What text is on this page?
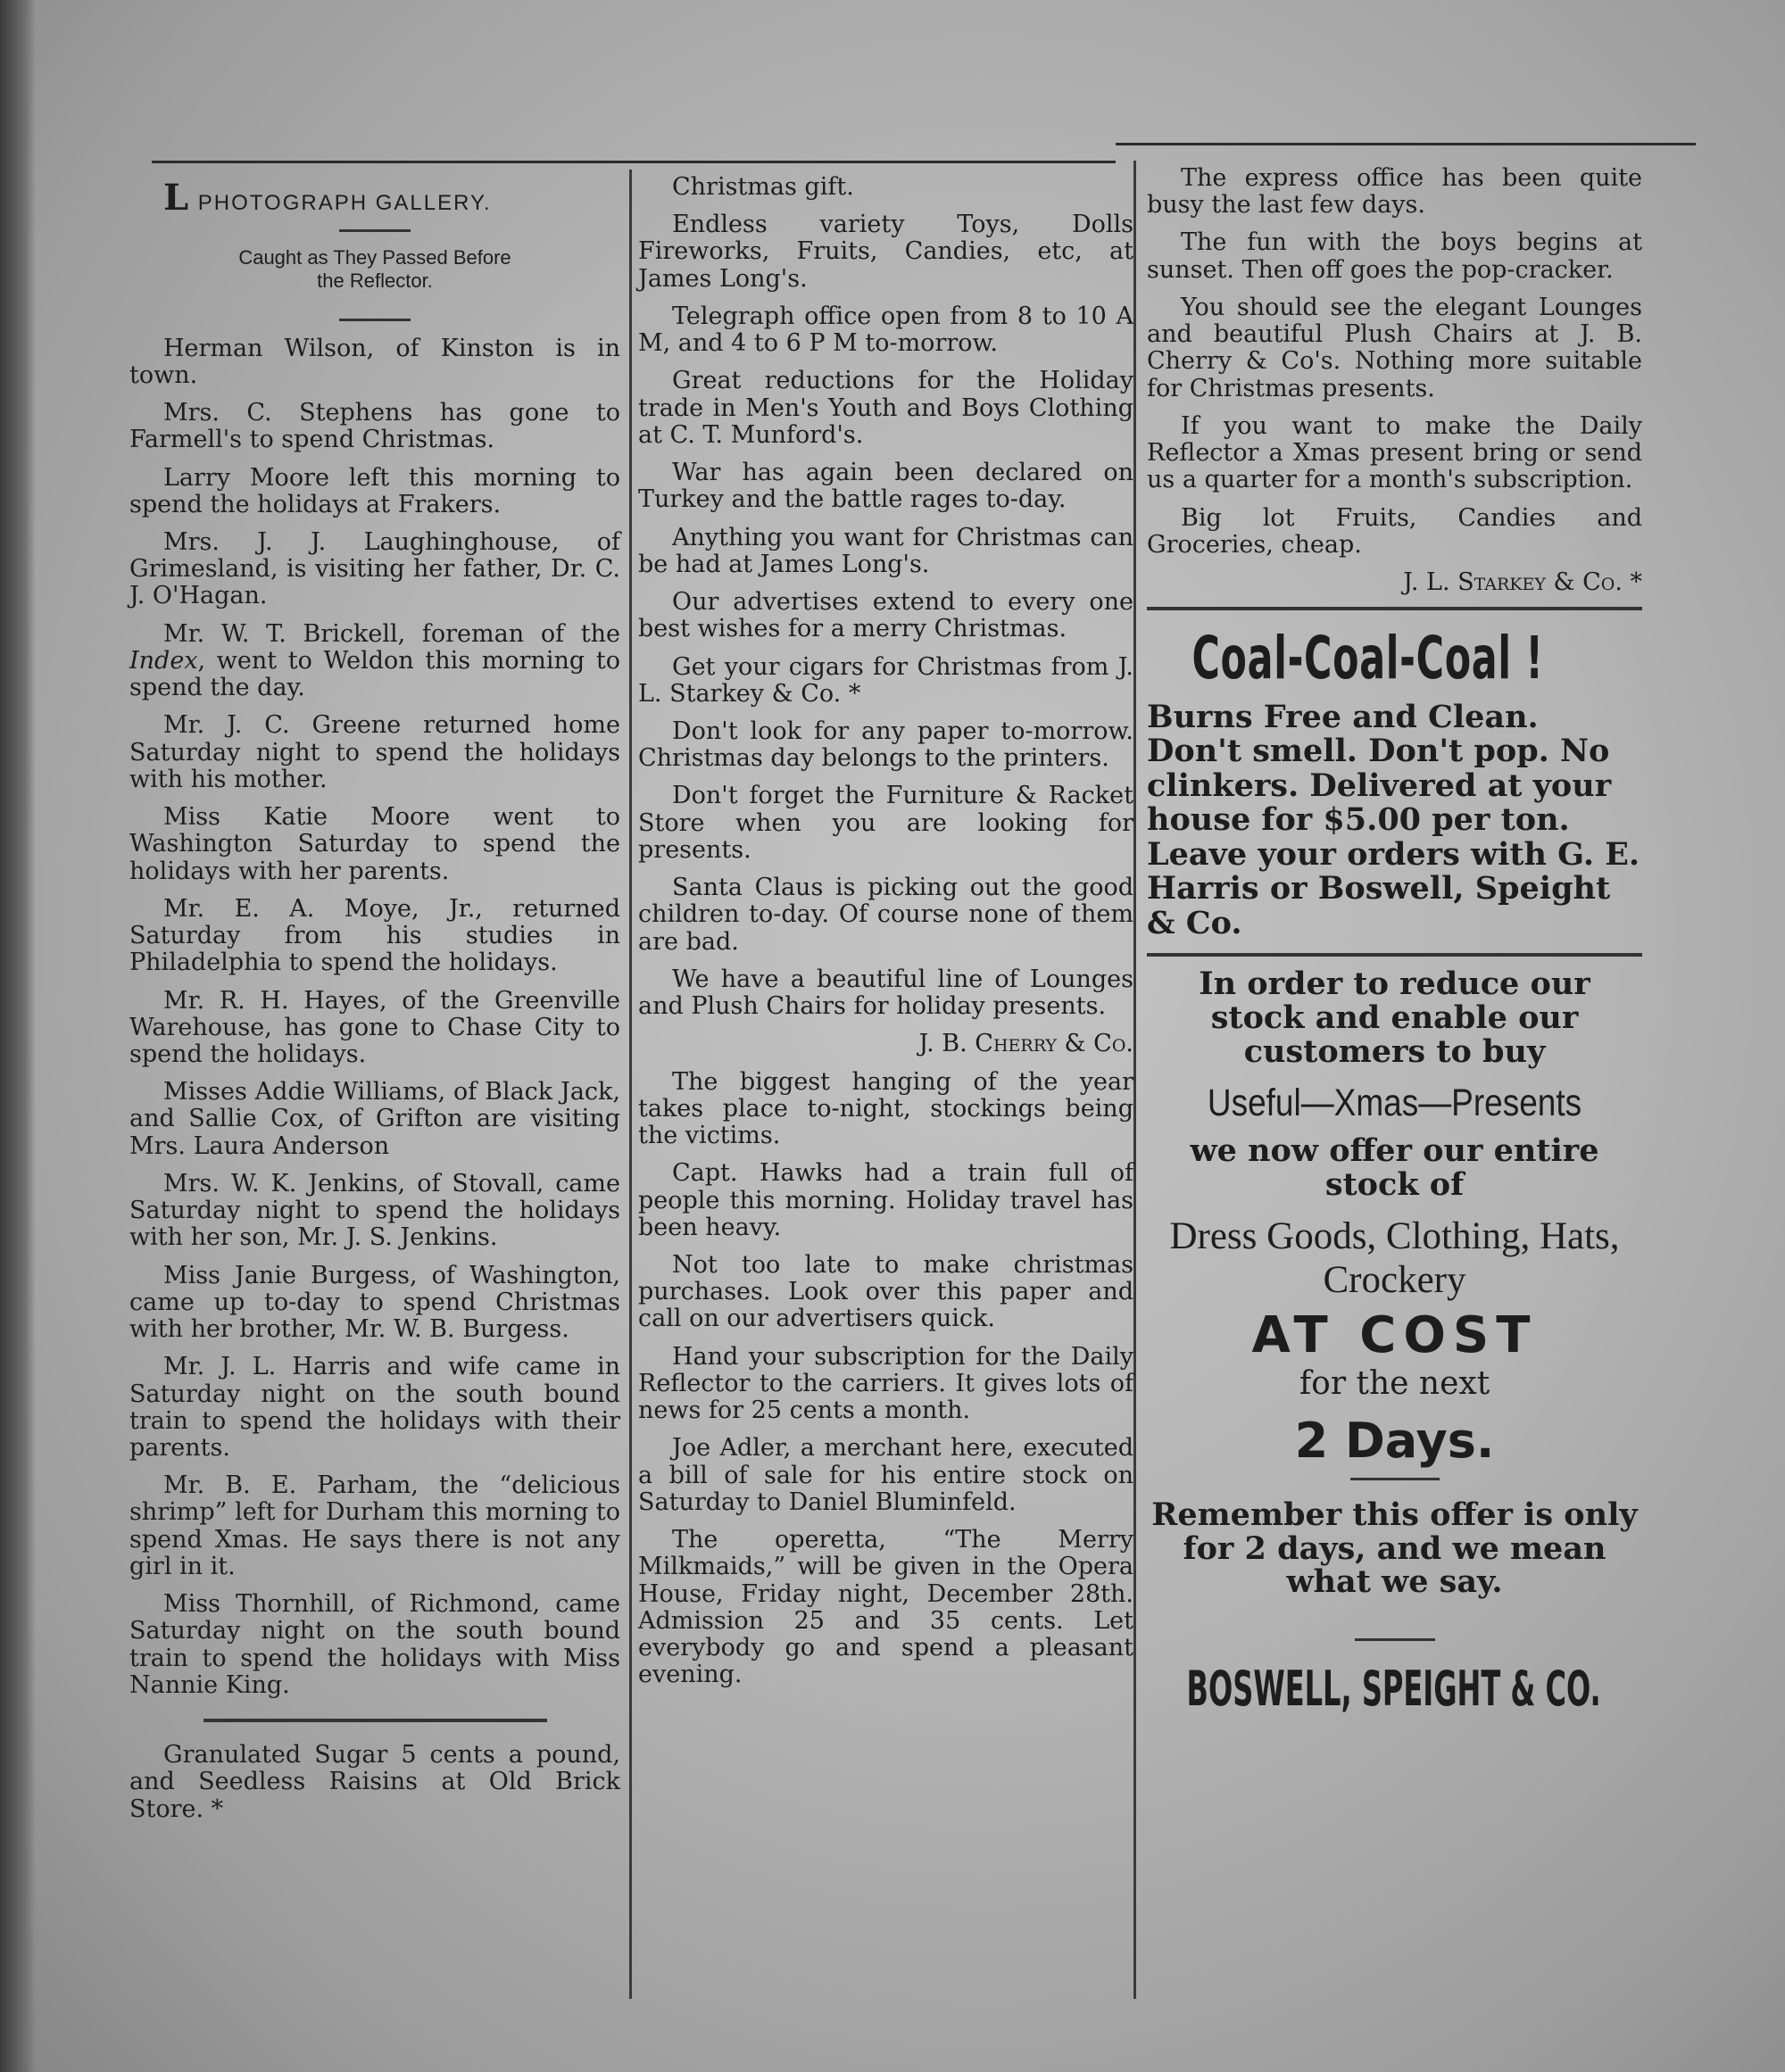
L PHOTOGRAPH GALLERY.

Caught as They Passed Before
the Reflector.

Herman Wilson, of Kinston is in town.

Mrs. C. Stephens has gone to Farmell's to spend Christmas.

Larry Moore left this morning to spend the holidays at Frakers.

Mrs. J. J. Laughinghouse, of Grimesland, is visiting her father, Dr. C. J. O'Hagan.

Mr. W. T. Brickell, foreman of the Index, went to Weldon this morning to spend the day.

Mr. J. C. Greene returned home Saturday night to spend the holidays with his mother.

Miss Katie Moore went to Washington Saturday to spend the holidays with her parents.

Mr. E. A. Moye, Jr., returned Saturday from his studies in Philadelphia to spend the holidays.

Mr. R. H. Hayes, of the Greenville Warehouse, has gone to Chase City to spend the holidays.

Misses Addie Williams, of Black Jack, and Sallie Cox, of Grifton are visiting Mrs. Laura Anderson

Mrs. W. K. Jenkins, of Stovall, came Saturday night to spend the holidays with her son, Mr. J. S. Jenkins.

Miss Janie Burgess, of Washington, came up to-day to spend Christmas with her brother, Mr. W. B. Burgess.

Mr. J. L. Harris and wife came in Saturday night on the south bound train to spend the holidays with their parents.

Mr. B. E. Parham, the “delicious shrimp” left for Durham this morning to spend Xmas. He says there is not any girl in it.

Miss Thornhill, of Richmond, came Saturday night on the south bound train to spend the holidays with Miss Nannie King.

Granulated Sugar 5 cents a pound, and Seedless Raisins at Old Brick Store. *

Christmas gift.

Endless variety Toys, Dolls Fireworks, Fruits, Candies, etc, at James Long's.

Telegraph office open from 8 to 10 A M, and 4 to 6 P M to-morrow.

Great reductions for the Holiday trade in Men's Youth and Boys Clothing at C. T. Munford's.

War has again been declared on Turkey and the battle rages to-day.

Anything you want for Christmas can be had at James Long's.

Our advertises extend to every one best wishes for a merry Christmas.

Get your cigars for Christmas from J. L. Starkey & Co. *

Don't look for any paper to-morrow. Christmas day belongs to the printers.

Don't forget the Furniture & Racket Store when you are looking for presents.

Santa Claus is picking out the good children to-day. Of course none of them are bad.

We have a beautiful line of Lounges and Plush Chairs for holiday presents.

J. B. Cherry & Co.

The biggest hanging of the year takes place to-night, stockings being the victims.

Capt. Hawks had a train full of people this morning. Holiday travel has been heavy.

Not too late to make christmas purchases. Look over this paper and call on our advertisers quick.

Hand your subscription for the Daily Reflector to the carriers. It gives lots of news for 25 cents a month.

Joe Adler, a merchant here, executed a bill of sale for his entire stock on Saturday to Daniel Bluminfeld.

The operetta, “The Merry Milkmaids,” will be given in the Opera House, Friday night, December 28th. Admission 25 and 35 cents. Let everybody go and spend a pleasant evening.

The express office has been quite busy the last few days.

The fun with the boys begins at sunset. Then off goes the pop-cracker.

You should see the elegant Lounges and beautiful Plush Chairs at J. B. Cherry & Co's. Nothing more suitable for Christmas presents.

If you want to make the Daily Reflector a Xmas present bring or send us a quarter for a month's subscription.

Big lot Fruits, Candies and Groceries, cheap.

J. L. Starkey & Co. *

Coal-Coal-Coal !
Burns Free and Clean. Don't smell. Don't pop. No clinkers. Delivered at your house for $5.00 per ton. Leave your orders with G. E. Harris or Boswell, Speight & Co.
In order to reduce our stock and enable our customers to buy
Useful—Xmas—Presents
we now offer our entire stock of
Dress Goods, Clothing, Hats, Crockery
AT COST
for the next
2 Days.
Remember this offer is only for 2 days, and we mean what we say.
BOSWELL, SPEIGHT & CO.
